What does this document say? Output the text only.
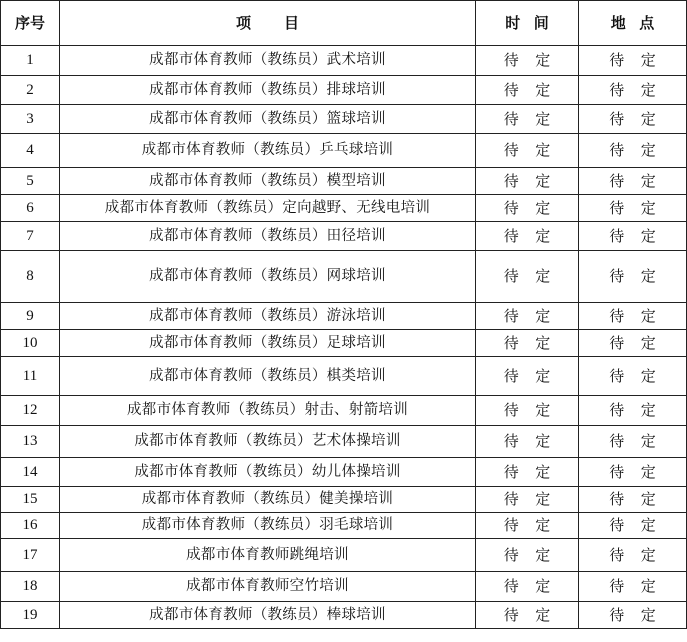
序号	项目	时间	地点
1	成都市体育教师（教练员）武术培训	待定	待定
2	成都市体育教师（教练员）排球培训	待定	待定
3	成都市体育教师（教练员）篮球培训	待定	待定
4	成都市体育教师（教练员）乒乓球培训	待定	待定
5	成都市体育教师（教练员）模型培训	待定	待定
6	成都市体育教师（教练员）定向越野、无线电培训	待定	待定
7	成都市体育教师（教练员）田径培训	待定	待定
8	成都市体育教师（教练员）网球培训	待定	待定
9	成都市体育教师（教练员）游泳培训	待定	待定
10	成都市体育教师（教练员）足球培训	待定	待定
11	成都市体育教师（教练员）棋类培训	待定	待定
12	成都市体育教师（教练员）射击、射箭培训	待定	待定
13	成都市体育教师（教练员）艺术体操培训	待定	待定
14	成都市体育教师（教练员）幼儿体操培训	待定	待定
15	成都市体育教师（教练员）健美操培训	待定	待定
16	成都市体育教师（教练员）羽毛球培训	待定	待定
17	成都市体育教师跳绳培训	待定	待定
18	成都市体育教师空竹培训	待定	待定
19	成都市体育教师（教练员）棒球培训	待定	待定
